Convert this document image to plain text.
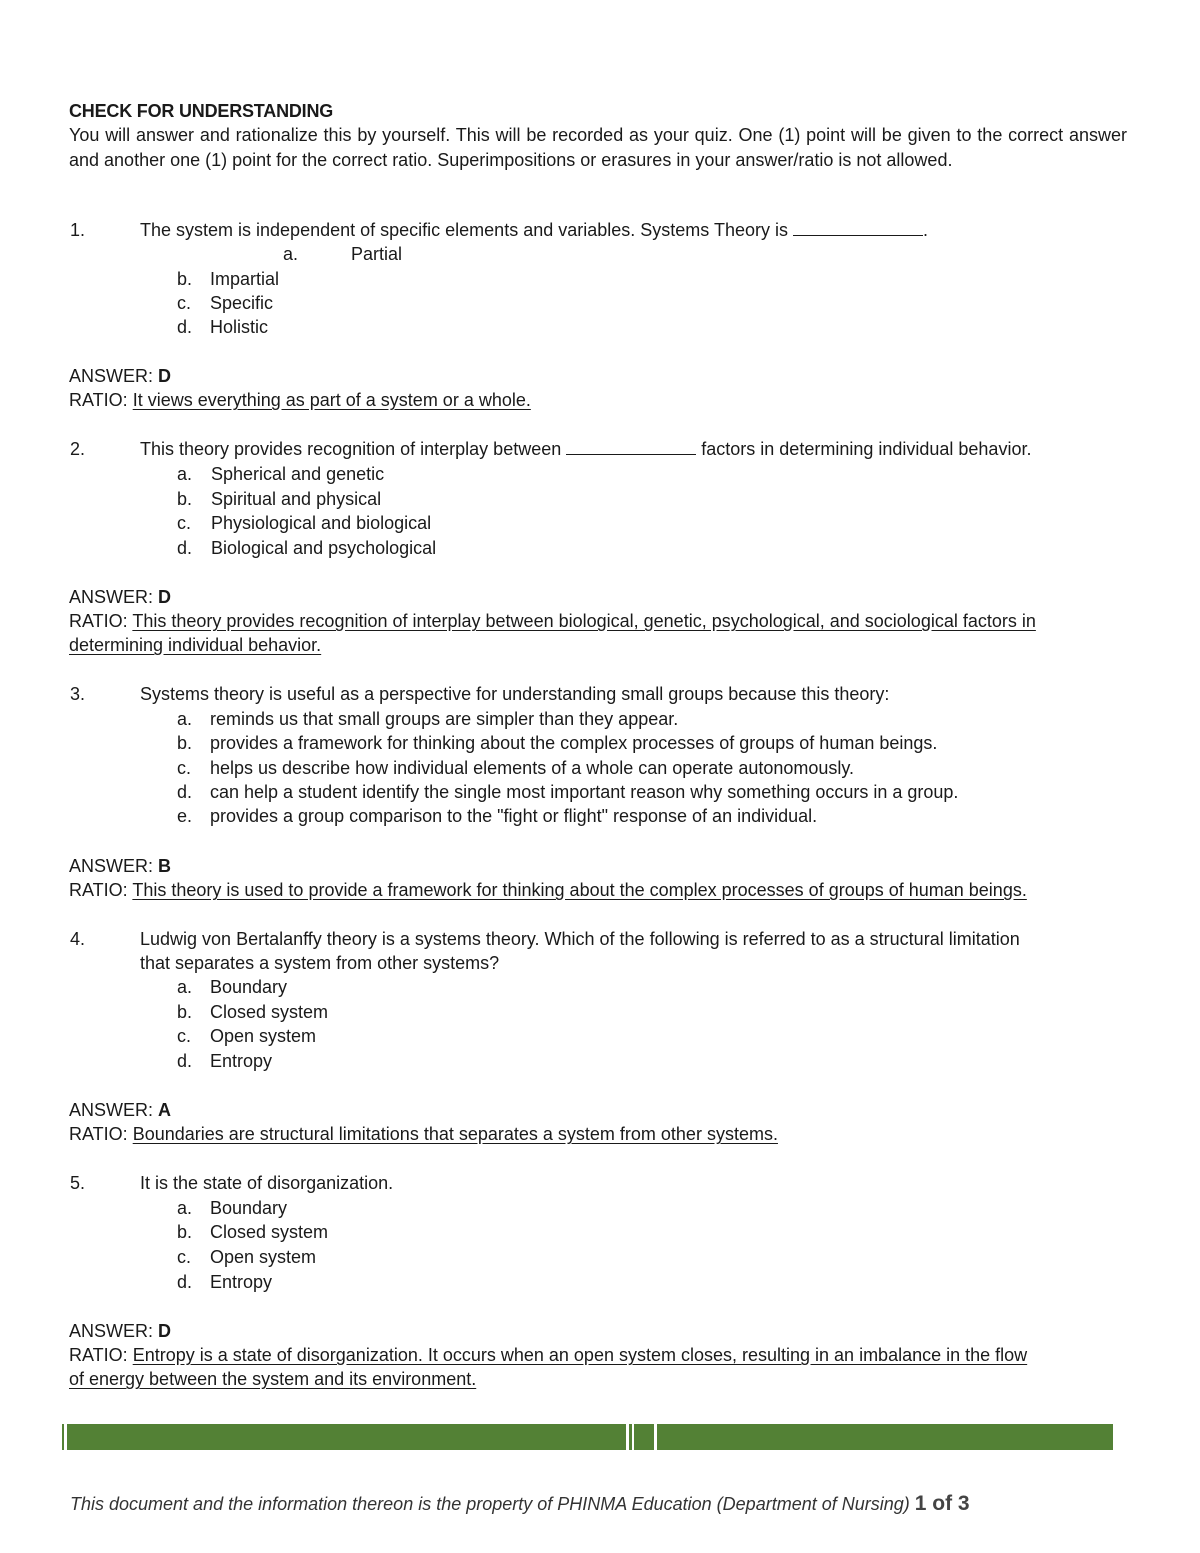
CHECK FOR UNDERSTANDING
You will answer and rationalize this by yourself. This will be recorded as your quiz. One (1) point will be given to the correct answer and another one (1) point for the correct ratio. Superimpositions or erasures in your answer/ratio is not allowed.
1.	The system is independent of specific elements and variables. Systems Theory is	.
a.	Partial
b. Impartial
c. Specific
d. Holistic
ANSWER: D
RATIO: It views everything as part of a system or a whole.
2.	This theory provides recognition of interplay between	factors in determining individual behavior.
a. Spherical and genetic
b. Spiritual and physical
c. Physiological and biological
d. Biological and psychological
ANSWER: D
RATIO: This theory provides recognition of interplay between biological, genetic, psychological, and sociological factors in
determining individual behavior.
3.	Systems theory is useful as a perspective for understanding small groups because this theory:
a. reminds us that small groups are simpler than they appear.
b. provides a framework for thinking about the complex processes of groups of human beings.
c. helps us describe how individual elements of a whole can operate autonomously.
d. can help a student identify the single most important reason why something occurs in a group.
e. provides a group comparison to the "fight or flight" response of an individual.
ANSWER: B
RATIO: This theory is used to provide a framework for thinking about the complex processes of groups of human beings.
4.	Ludwig von Bertalanffy theory is a systems theory. Which of the following is referred to as a structural limitation
that separates a system from other systems?
a. Boundary
b. Closed system
c. Open system
d. Entropy
ANSWER: A
RATIO: Boundaries are structural limitations that separates a system from other systems.
5.	It is the state of disorganization.
a. Boundary
b. Closed system
c. Open system
d. Entropy
ANSWER: D
RATIO: Entropy is a state of disorganization. It occurs when an open system closes, resulting in an imbalance in the flow
of energy between the system and its environment.
This document and the information thereon is the property of PHINMA Education (Department of Nursing) 1 of 3
